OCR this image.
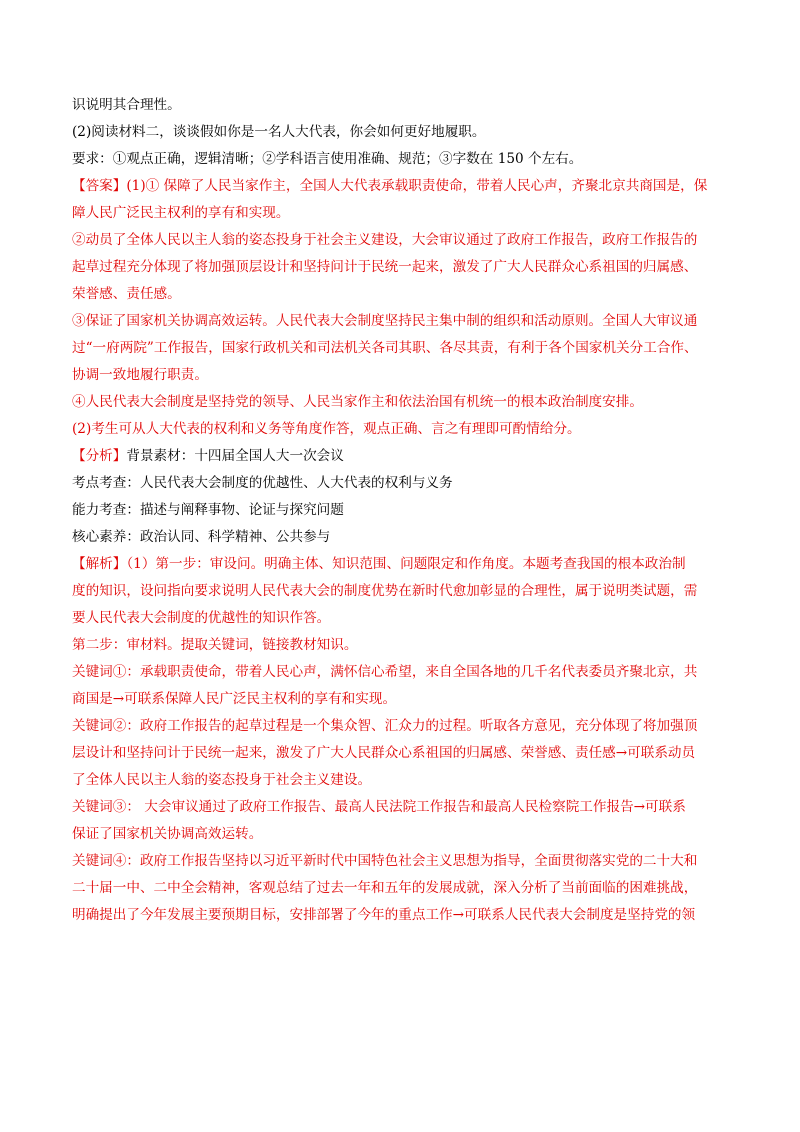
识说明其合理性。
(2)阅读材料二，谈谈假如你是一名人大代表，你会如何更好地履职。
要求：①观点正确，逻辑清晰；②学科语言使用准确、规范；③字数在 150 个左右。
【答案】(1)① 保障了人民当家作主，全国人大代表承载职责使命，带着人民心声，齐聚北京共商国是，保
障人民广泛民主权利的享有和实现。
②动员了全体人民以主人翁的姿态投身于社会主义建设，大会审议通过了政府工作报告，政府工作报告的
起草过程充分体现了将加强顶层设计和坚持问计于民统一起来，激发了广大人民群众心系祖国的归属感、
荣誉感、责任感。
③保证了国家机关协调高效运转。人民代表大会制度坚持民主集中制的组织和活动原则。全国人大审议通
过“一府两院”工作报告，国家行政机关和司法机关各司其职、各尽其责，有利于各个国家机关分工合作、
协调一致地履行职责。
④人民代表大会制度是坚持党的领导、人民当家作主和依法治国有机统一的根本政治制度安排。
(2)考生可从人大代表的权利和义务等角度作答，观点正确、言之有理即可酌情给分。
【分析】背景素材：十四届全国人大一次会议
考点考查：人民代表大会制度的优越性、人大代表的权利与义务
能力考查：描述与阐释事物、论证与探究问题
核心素养：政治认同、科学精神、公共参与
【解析】（1）第一步：审设问。明确主体、知识范围、问题限定和作角度。本题考查我国的根本政治制
度的知识，设问指向要求说明人民代表大会的制度优势在新时代愈加彰显的合理性，属于说明类试题，需
要人民代表大会制度的优越性的知识作答。
第二步：审材料。提取关键词，链接教材知识。
关键词①：承载职责使命，带着人民心声，满怀信心希望，来自全国各地的几千名代表委员齐聚北京，共
商国是→可联系保障人民广泛民主权利的享有和实现。
关键词②：政府工作报告的起草过程是一个集众智、汇众力的过程。听取各方意见，充分体现了将加强顶
层设计和坚持问计于民统一起来，激发了广大人民群众心系祖国的归属感、荣誉感、责任感→可联系动员
了全体人民以主人翁的姿态投身于社会主义建设。
关键词③： 大会审议通过了政府工作报告、最高人民法院工作报告和最高人民检察院工作报告→可联系
保证了国家机关协调高效运转。
关键词④：政府工作报告坚持以习近平新时代中国特色社会主义思想为指导，全面贯彻落实党的二十大和
二十届一中、二中全会精神，客观总结了过去一年和五年的发展成就，深入分析了当前面临的困难挑战，
明确提出了今年发展主要预期目标，安排部署了今年的重点工作→可联系人民代表大会制度是坚持党的领
